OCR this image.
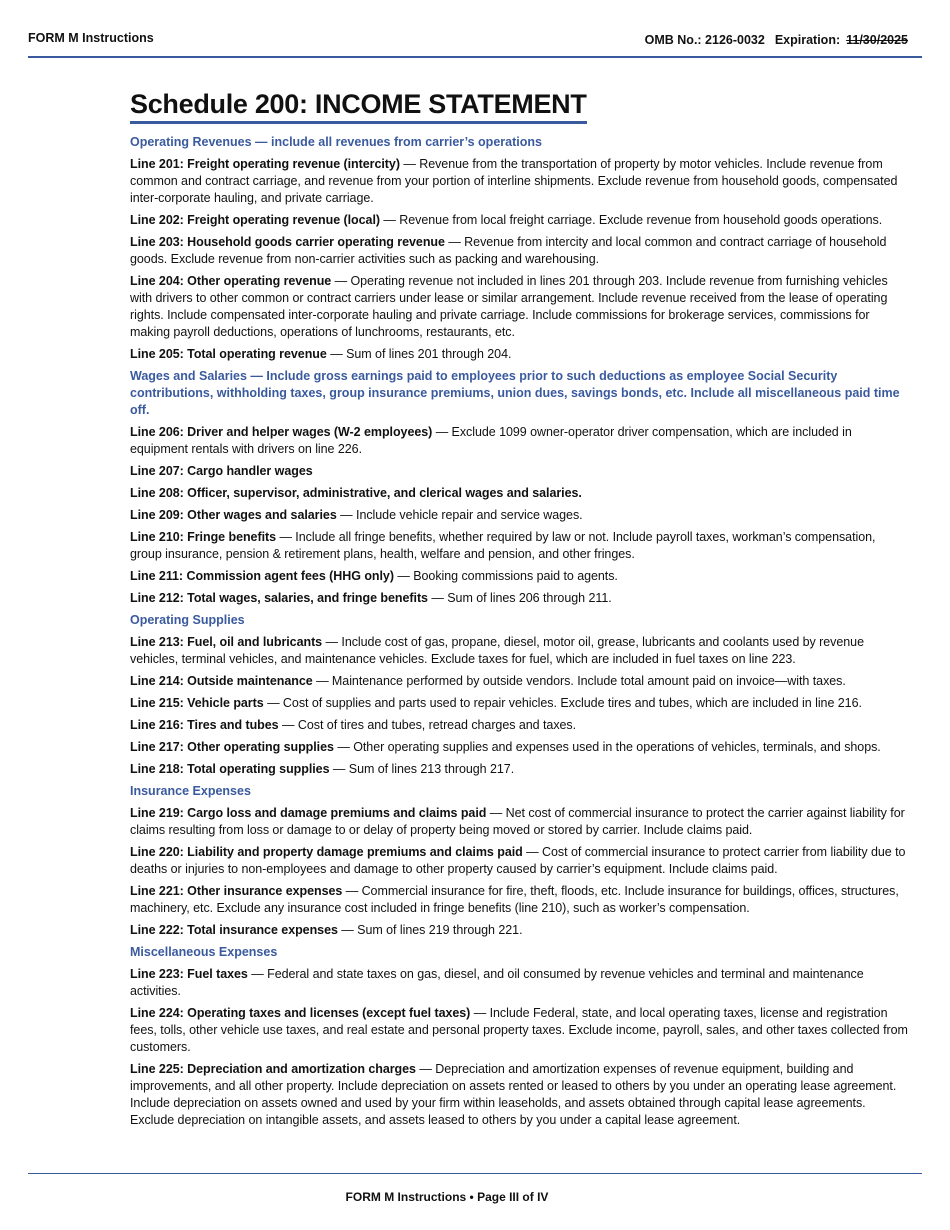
FORM M Instructions	OMB No.: 2126-0032 Expiration: 11/30/2025
Schedule 200: INCOME STATEMENT
Operating Revenues — include all revenues from carrier’s operations
Line 201: Freight operating revenue (intercity) — Revenue from the transportation of property by motor vehicles. Include revenue from common and contract carriage, and revenue from your portion of interline shipments. Exclude revenue from household goods, compensated inter-corporate hauling, and private carriage.
Line 202: Freight operating revenue (local) — Revenue from local freight carriage. Exclude revenue from household goods operations.
Line 203: Household goods carrier operating revenue — Revenue from intercity and local common and contract carriage of household goods. Exclude revenue from non-carrier activities such as packing and warehousing.
Line 204: Other operating revenue — Operating revenue not included in lines 201 through 203. Include revenue from furnishing vehicles with drivers to other common or contract carriers under lease or similar arrangement. Include revenue received from the lease of operating rights. Include compensated inter-corporate hauling and private carriage. Include commissions for brokerage services, commissions for making payroll deductions, operations of lunchrooms, restaurants, etc.
Line 205: Total operating revenue — Sum of lines 201 through 204.
Wages and Salaries — Include gross earnings paid to employees prior to such deductions as employee Social Security contributions, withholding taxes, group insurance premiums, union dues, savings bonds, etc. Include all miscellaneous paid time off.
Line 206: Driver and helper wages (W-2 employees) — Exclude 1099 owner-operator driver compensation, which are included in equipment rentals with drivers on line 226.
Line 207: Cargo handler wages
Line 208: Officer, supervisor, administrative, and clerical wages and salaries.
Line 209: Other wages and salaries — Include vehicle repair and service wages.
Line 210: Fringe benefits — Include all fringe benefits, whether required by law or not. Include payroll taxes, workman’s compensation, group insurance, pension & retirement plans, health, welfare and pension, and other fringes.
Line 211: Commission agent fees (HHG only) — Booking commissions paid to agents.
Line 212: Total wages, salaries, and fringe benefits — Sum of lines 206 through 211.
Operating Supplies
Line 213: Fuel, oil and lubricants — Include cost of gas, propane, diesel, motor oil, grease, lubricants and coolants used by revenue vehicles, terminal vehicles, and maintenance vehicles. Exclude taxes for fuel, which are included in fuel taxes on line 223.
Line 214: Outside maintenance — Maintenance performed by outside vendors. Include total amount paid on invoice—with taxes.
Line 215: Vehicle parts — Cost of supplies and parts used to repair vehicles. Exclude tires and tubes, which are included in line 216.
Line 216: Tires and tubes — Cost of tires and tubes, retread charges and taxes.
Line 217: Other operating supplies — Other operating supplies and expenses used in the operations of vehicles, terminals, and shops.
Line 218: Total operating supplies — Sum of lines 213 through 217.
Insurance Expenses
Line 219: Cargo loss and damage premiums and claims paid — Net cost of commercial insurance to protect the carrier against liability for claims resulting from loss or damage to or delay of property being moved or stored by carrier. Include claims paid.
Line 220: Liability and property damage premiums and claims paid — Cost of commercial insurance to protect carrier from liability due to deaths or injuries to non-employees and damage to other property caused by carrier’s equipment. Include claims paid.
Line 221: Other insurance expenses — Commercial insurance for fire, theft, floods, etc. Include insurance for buildings, offices, structures, machinery, etc. Exclude any insurance cost included in fringe benefits (line 210), such as worker’s compensation.
Line 222: Total insurance expenses — Sum of lines 219 through 221.
Miscellaneous Expenses
Line 223: Fuel taxes — Federal and state taxes on gas, diesel, and oil consumed by revenue vehicles and terminal and maintenance activities.
Line 224: Operating taxes and licenses (except fuel taxes) — Include Federal, state, and local operating taxes, license and registration fees, tolls, other vehicle use taxes, and real estate and personal property taxes. Exclude income, payroll, sales, and other taxes collected from customers.
Line 225: Depreciation and amortization charges — Depreciation and amortization expenses of revenue equipment, building and improvements, and all other property. Include depreciation on assets rented or leased to others by you under an operating lease agreement. Include depreciation on assets owned and used by your firm within leaseholds, and assets obtained through capital lease agreements. Exclude depreciation on intangible assets, and assets leased to others by you under a capital lease agreement.
FORM M Instructions • Page III of IV
